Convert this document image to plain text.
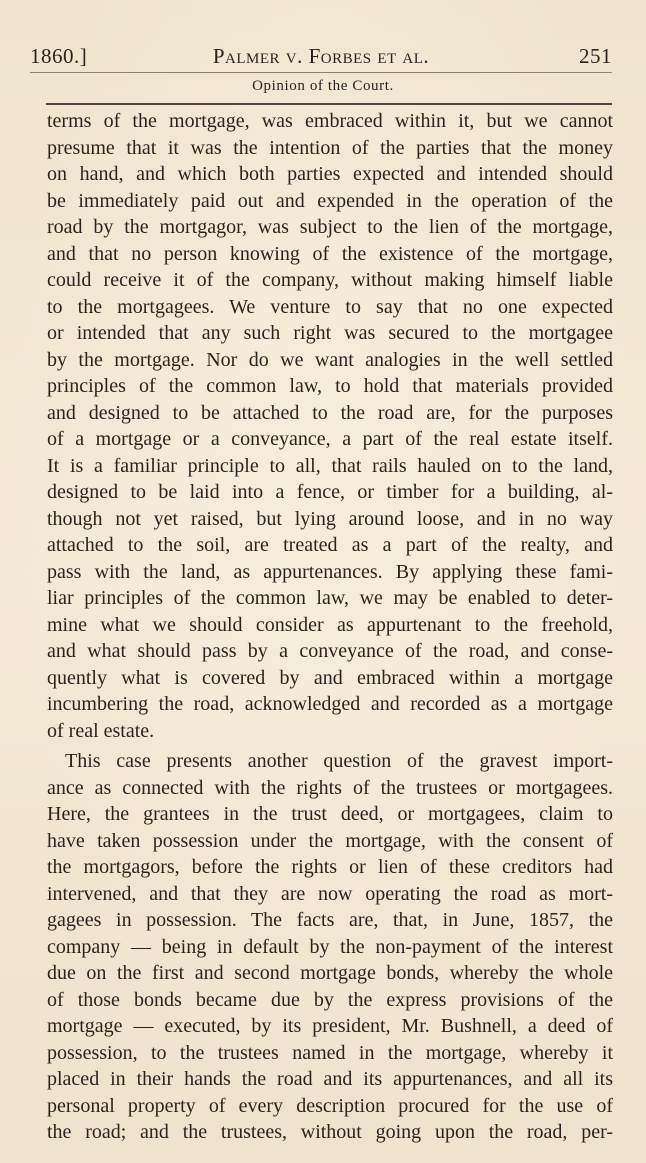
1860.]	Palmer v. Forbes et al.	251
Opinion of the Court.
terms of the mortgage, was embraced within it, but we cannot
presume that it was the intention of the parties that the money
on hand, and which both parties expected and intended should
be immediately paid out and expended in the operation of the
road by the mortgagor, was subject to the lien of the mortgage,
and that no person knowing of the existence of the mortgage,
could receive it of the company, without making himself liable
to the mortgagees. We venture to say that no one expected
or intended that any such right was secured to the mortgagee
by the mortgage. Nor do we want analogies in the well settled
principles of the common law, to hold that materials provided
and designed to be attached to the road are, for the purposes
of a mortgage or a conveyance, a part of the real estate itself.
It is a familiar principle to all, that rails hauled on to the land,
designed to be laid into a fence, or timber for a building, al-
though not yet raised, but lying around loose, and in no way
attached to the soil, are treated as a part of the realty, and
pass with the land, as appurtenances. By applying these fami-
liar principles of the common law, we may be enabled to deter-
mine what we should consider as appurtenant to the freehold,
and what should pass by a conveyance of the road, and conse-
quently what is covered by and embraced within a mortgage
incumbering the road, acknowledged and recorded as a mortgage
of real estate.
This case presents another question of the gravest import-
ance as connected with the rights of the trustees or mortgagees.
Here, the grantees in the trust deed, or mortgagees, claim to
have taken possession under the mortgage, with the consent of
the mortgagors, before the rights or lien of these creditors had
intervened, and that they are now operating the road as mort-
gagees in possession. The facts are, that, in June, 1857, the
company — being in default by the non-payment of the interest
due on the first and second mortgage bonds, whereby the whole
of those bonds became due by the express provisions of the
mortgage — executed, by its president, Mr. Bushnell, a deed of
possession, to the trustees named in the mortgage, whereby it
placed in their hands the road and its appurtenances, and all its
personal property of every description procured for the use of
the road; and the trustees, without going upon the road, per-
